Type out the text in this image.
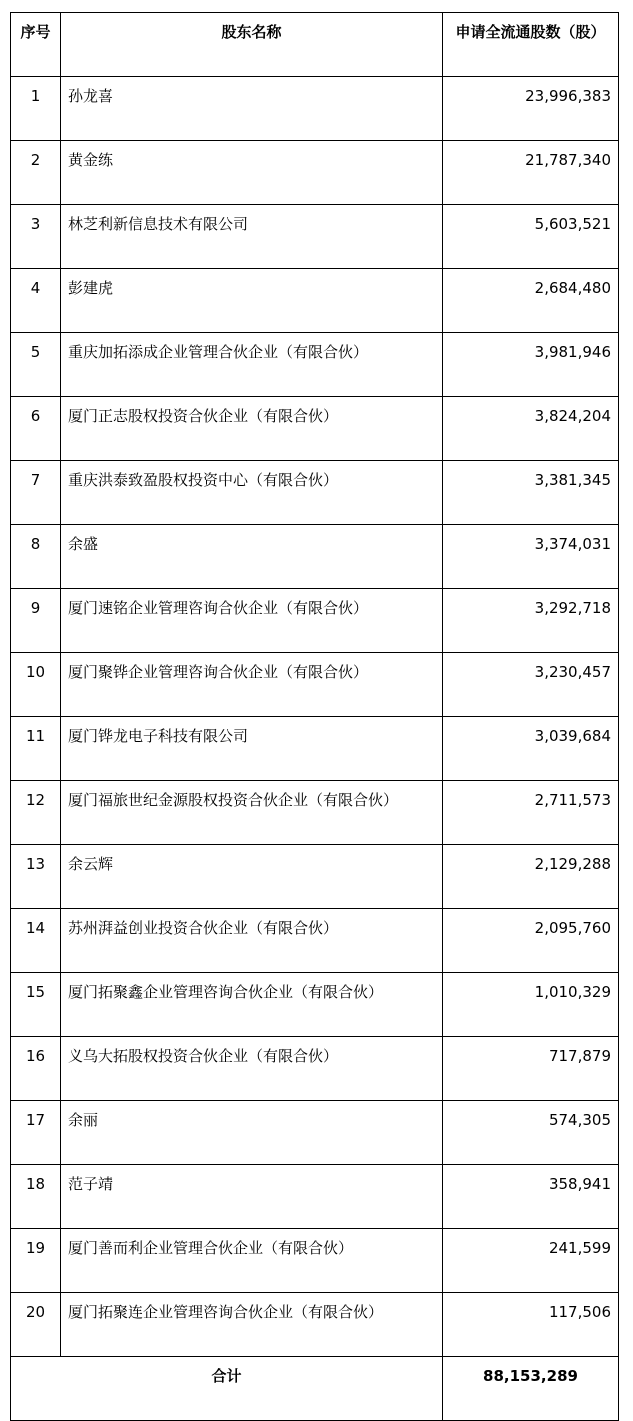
序号	股东名称	申请全流通股数（股）
1	孙龙喜	23,996,383
2	黄金练	21,787,340
3	林芝利新信息技术有限公司	5,603,521
4	彭建虎	2,684,480
5	重庆加拓添成企业管理合伙企业（有限合伙）	3,981,946
6	厦门正志股权投资合伙企业（有限合伙）	3,824,204
7	重庆洪泰致盈股权投资中心（有限合伙）	3,381,345
8	余盛	3,374,031
9	厦门速铭企业管理咨询合伙企业（有限合伙）	3,292,718
10	厦门聚铧企业管理咨询合伙企业（有限合伙）	3,230,457
11	厦门铧龙电子科技有限公司	3,039,684
12	厦门福旅世纪金源股权投资合伙企业（有限合伙）	2,711,573
13	余云辉	2,129,288
14	苏州湃益创业投资合伙企业（有限合伙）	2,095,760
15	厦门拓聚鑫企业管理咨询合伙企业（有限合伙）	1,010,329
16	义乌大拓股权投资合伙企业（有限合伙）	717,879
17	余丽	574,305
18	范子靖	358,941
19	厦门善而利企业管理合伙企业（有限合伙）	241,599
20	厦门拓聚连企业管理咨询合伙企业（有限合伙）	117,506
合计		88,153,289
